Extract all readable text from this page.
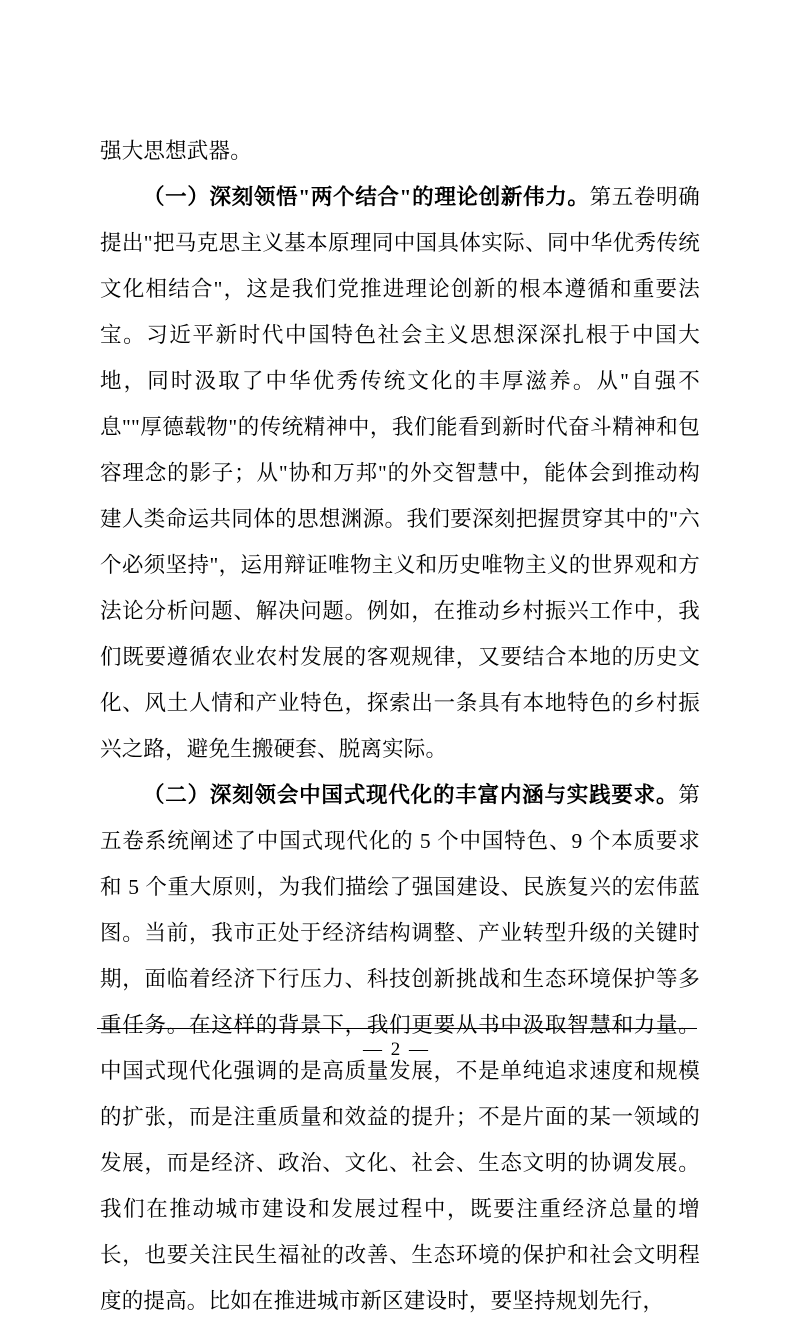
强大思想武器。

（一）深刻领悟"两个结合"的理论创新伟力。第五卷明确提出"把马克思主义基本原理同中国具体实际、同中华优秀传统文化相结合"，这是我们党推进理论创新的根本遵循和重要法宝。习近平新时代中国特色社会主义思想深深扎根于中国大地，同时汲取了中华优秀传统文化的丰厚滋养。从"自强不息""厚德载物"的传统精神中，我们能看到新时代奋斗精神和包容理念的影子；从"协和万邦"的外交智慧中，能体会到推动构建人类命运共同体的思想渊源。我们要深刻把握贯穿其中的"六个必须坚持"，运用辩证唯物主义和历史唯物主义的世界观和方法论分析问题、解决问题。例如，在推动乡村振兴工作中，我们既要遵循农业农村发展的客观规律，又要结合本地的历史文化、风土人情和产业特色，探索出一条具有本地特色的乡村振兴之路，避免生搬硬套、脱离实际。

（二）深刻领会中国式现代化的丰富内涵与实践要求。第五卷系统阐述了中国式现代化的 5 个中国特色、9 个本质要求和 5 个重大原则，为我们描绘了强国建设、民族复兴的宏伟蓝图。当前，我市正处于经济结构调整、产业转型升级的关键时期，面临着经济下行压力、科技创新挑战和生态环境保护等多重任务。在这样的背景下，我们更要从书中汲取智慧和力量。中国式现代化强调的是高质量发展，不是单纯追求速度和规模的扩张，而是注重质量和效益的提升；不是片面的某一领域的发展，而是经济、政治、文化、社会、生态文明的协调发展。我们在推动城市建设和发展过程中，既要注重经济总量的增长，也要关注民生福祉的改善、生态环境的保护和社会文明程度的提高。比如在推进城市新区建设时，要坚持规划先行，

— 2 —
